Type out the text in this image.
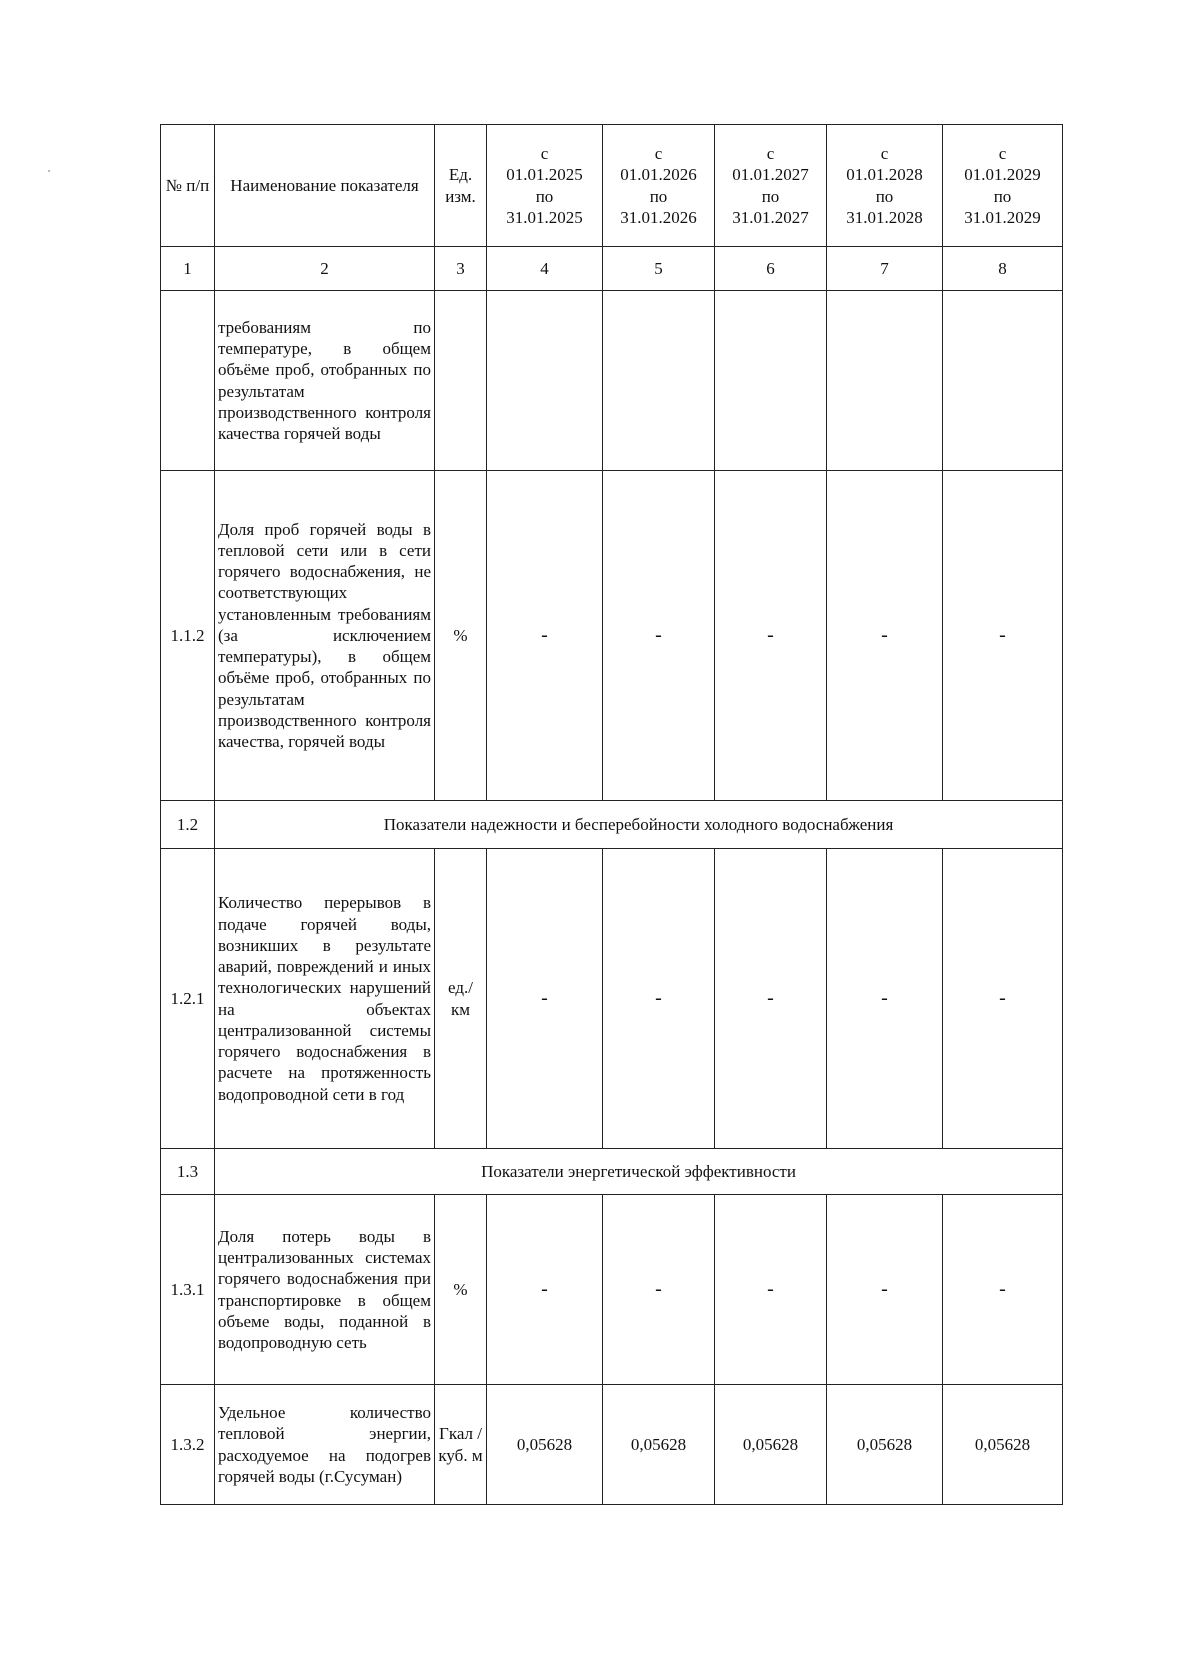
№ п/п	Наименование показателя	Ед. изм.	с
01.01.2025
по
31.01.2025	с
01.01.2026
по
31.01.2026	с
01.01.2027
по
31.01.2027	с
01.01.2028
по
31.01.2028	с
01.01.2029
по
31.01.2029

1	2	3	4	5	6	7	8
	требованиям по температуре, в общем объёме проб, отобранных по результатам производственного контроля качества горячей воды						
1.1.2	Доля проб горячей воды в тепловой сети или в сети горячего водоснабжения, не соответствующих установленным требованиям (за исключением температуры), в общем объёме проб, отобранных по результатам производственного контроля качества, горячей воды	%	-	-	-	-	-
1.2	Показатели надежности и бесперебойности холодного водоснабжения						
1.2.1	Количество перерывов в подаче горячей воды, возникших в результате аварий, повреждений и иных технологических нарушений на объектах централизованной системы горячего водоснабжения в расчете на протяженность водопроводной сети в год	ед./ км	-	-	-	-	-
1.3	Показатели энергетической эффективности						
1.3.1	Доля потерь воды в централизованных системах горячего водоснабжения при транспортировке в общем объеме воды, поданной в водопроводную сеть	%	-	-	-	-	-
1.3.2	Удельное количество тепловой энергии, расходуемое на подогрев горячей воды (г.Сусуман)	Гкал / куб. м	0,05628	0,05628	0,05628	0,05628	0,05628
